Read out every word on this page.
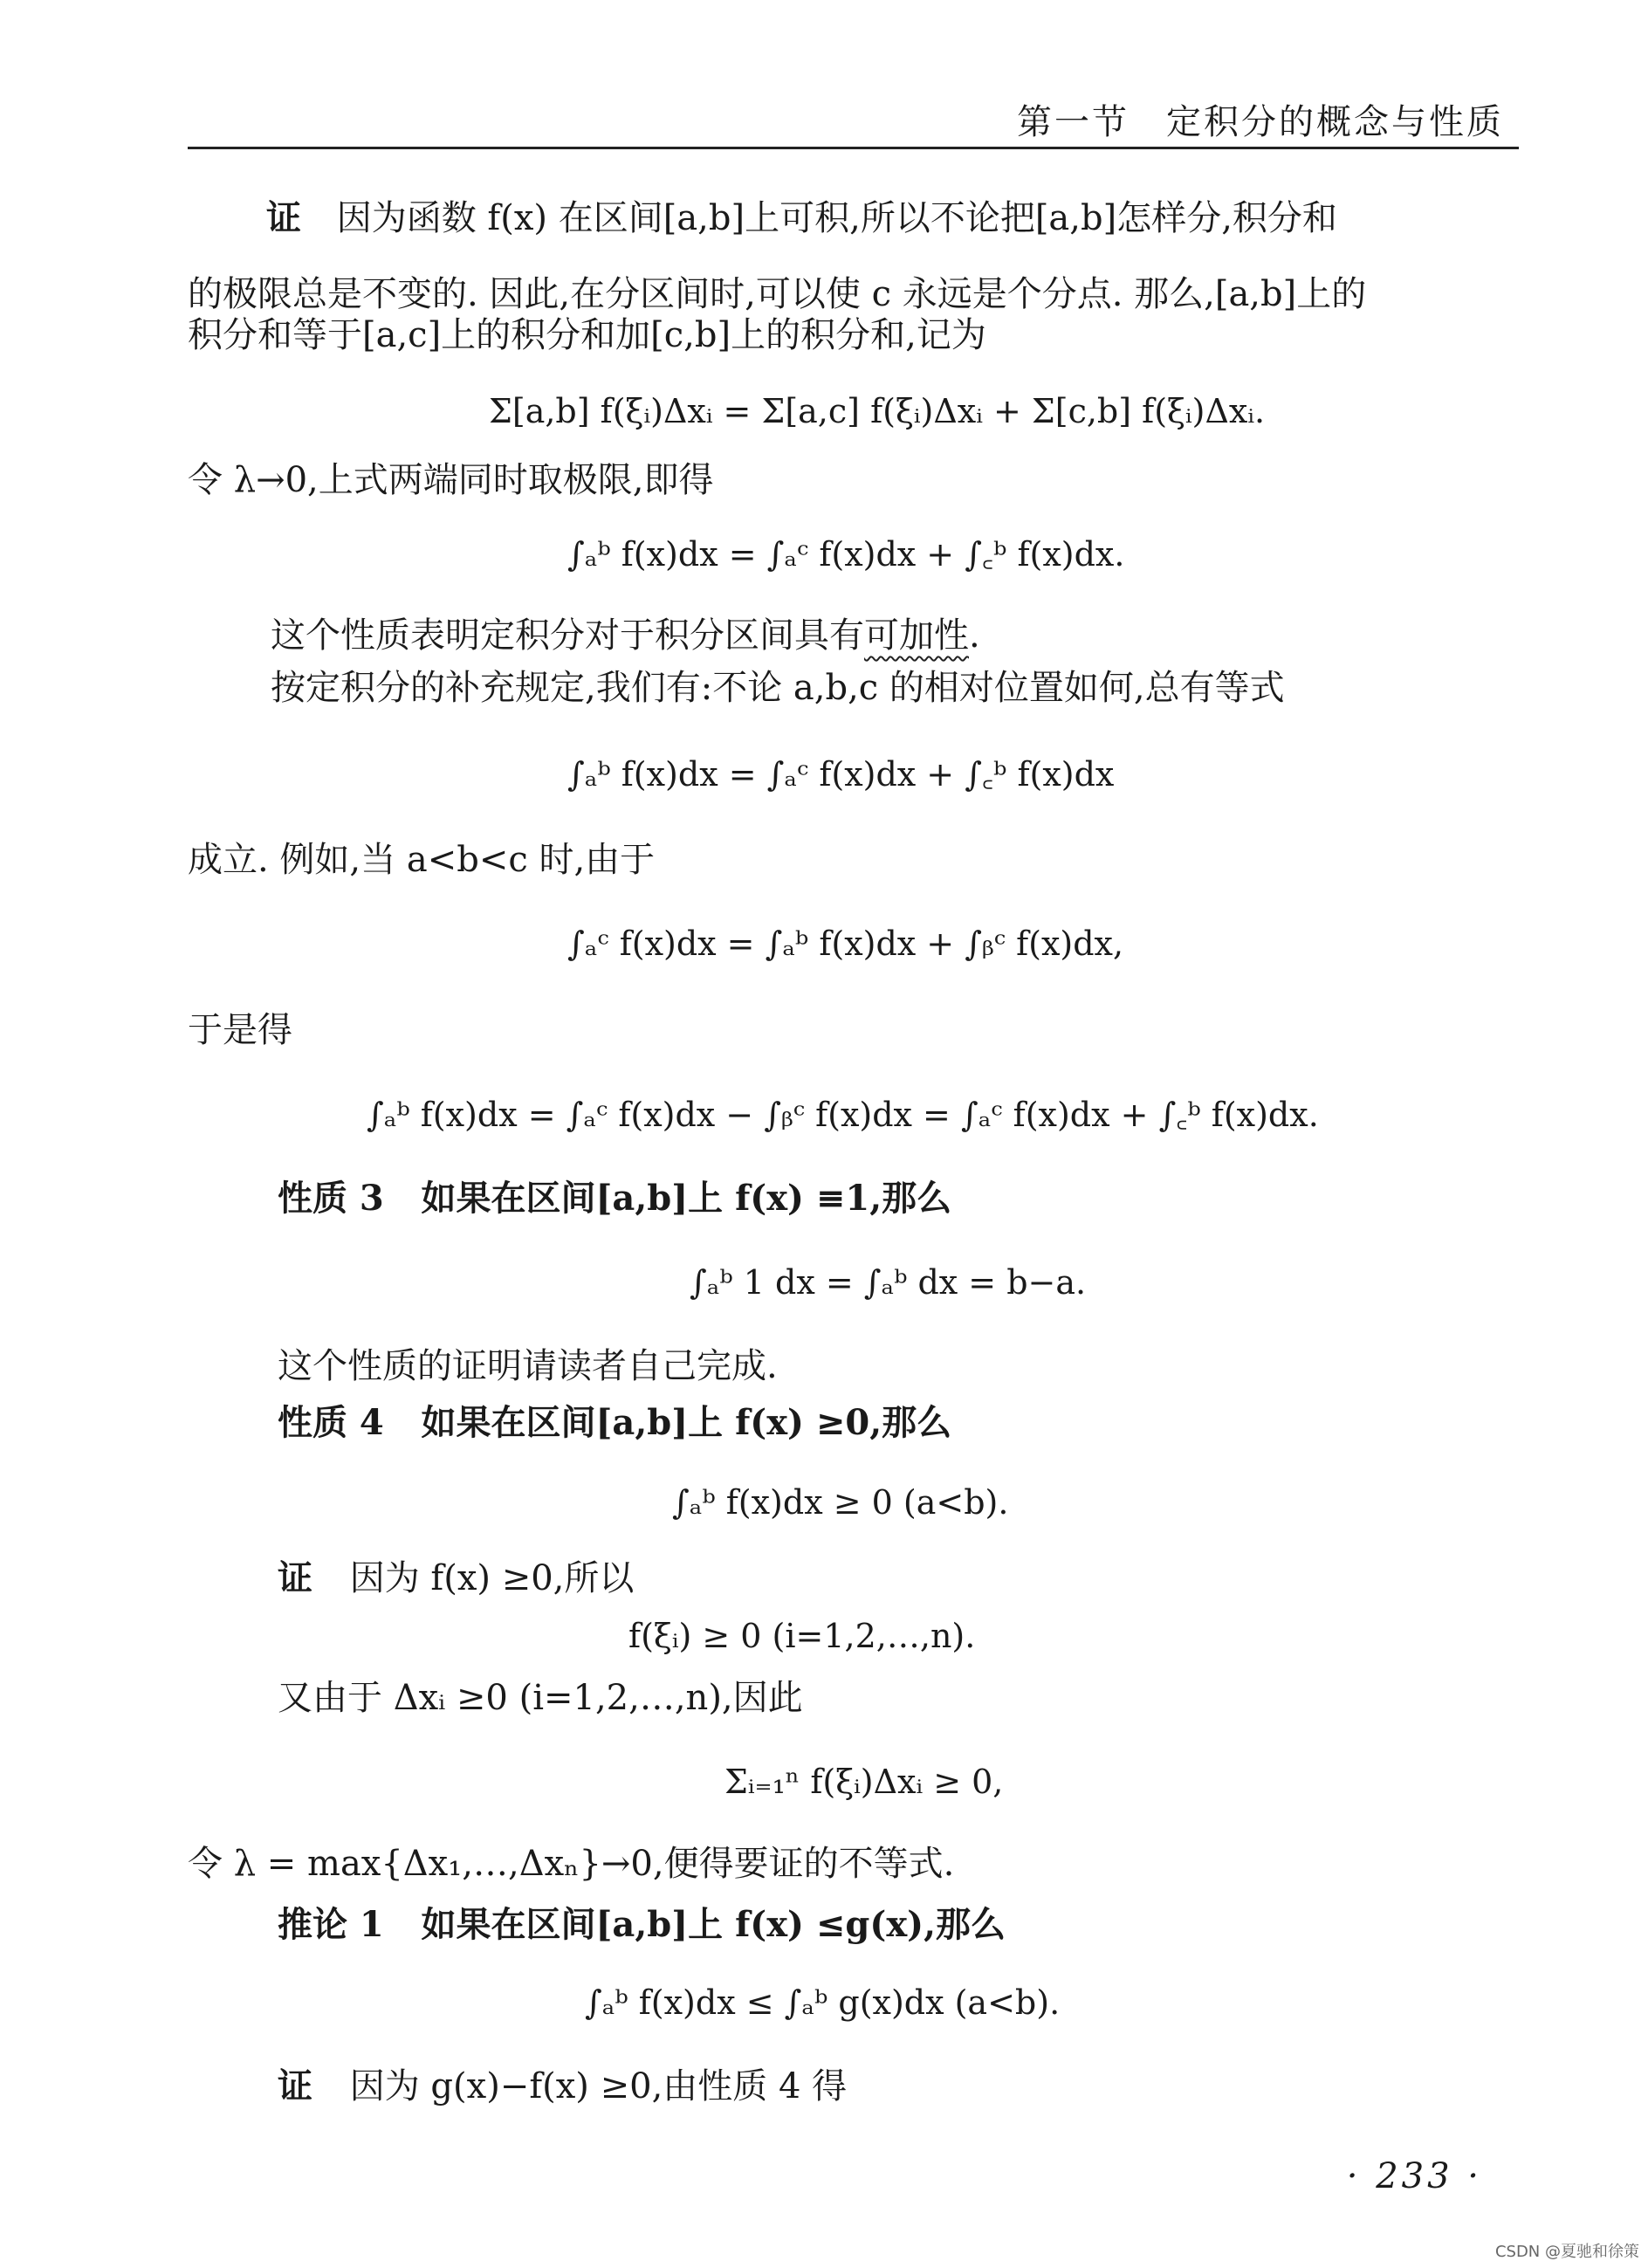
第一节 定积分的概念与性质
证 因为函数 f(x) 在区间[a,b]上可积,所以不论把[a,b]怎样分,积分和
的极限总是不变的. 因此,在分区间时,可以使 c 永远是个分点. 那么,[a,b]上的
积分和等于[a,c]上的积分和加[c,b]上的积分和,记为
Σ[a,b] f(ξᵢ)Δxᵢ = Σ[a,c] f(ξᵢ)Δxᵢ + Σ[c,b] f(ξᵢ)Δxᵢ.
令 λ→0,上式两端同时取极限,即得
∫ₐᵇ f(x)dx = ∫ₐᶜ f(x)dx + ∫꜀ᵇ f(x)dx.
这个性质表明定积分对于积分区间具有可加性.
按定积分的补充规定,我们有:不论 a,b,c 的相对位置如何,总有等式
∫ₐᵇ f(x)dx = ∫ₐᶜ f(x)dx + ∫꜀ᵇ f(x)dx
成立. 例如,当 a<b<c 时,由于
∫ₐᶜ f(x)dx = ∫ₐᵇ f(x)dx + ∫ᵦᶜ f(x)dx,
于是得
∫ₐᵇ f(x)dx = ∫ₐᶜ f(x)dx − ∫ᵦᶜ f(x)dx = ∫ₐᶜ f(x)dx + ∫꜀ᵇ f(x)dx.
性质 3 如果在区间[a,b]上 f(x) ≡1,那么
∫ₐᵇ 1 dx = ∫ₐᵇ dx = b−a.
这个性质的证明请读者自己完成.
性质 4 如果在区间[a,b]上 f(x) ≥0,那么
∫ₐᵇ f(x)dx ≥ 0 (a<b).
证 因为 f(x) ≥0,所以
f(ξᵢ) ≥ 0 (i=1,2,…,n).
又由于 Δxᵢ ≥0 (i=1,2,…,n),因此
Σᵢ₌₁ⁿ f(ξᵢ)Δxᵢ ≥ 0,
令 λ = max{Δx₁,…,Δxₙ}→0,便得要证的不等式.
推论 1 如果在区间[a,b]上 f(x) ≤g(x),那么
∫ₐᵇ f(x)dx ≤ ∫ₐᵇ g(x)dx (a<b).
证 因为 g(x)−f(x) ≥0,由性质 4 得
· 233 ·
CSDN @夏驰和徐策
